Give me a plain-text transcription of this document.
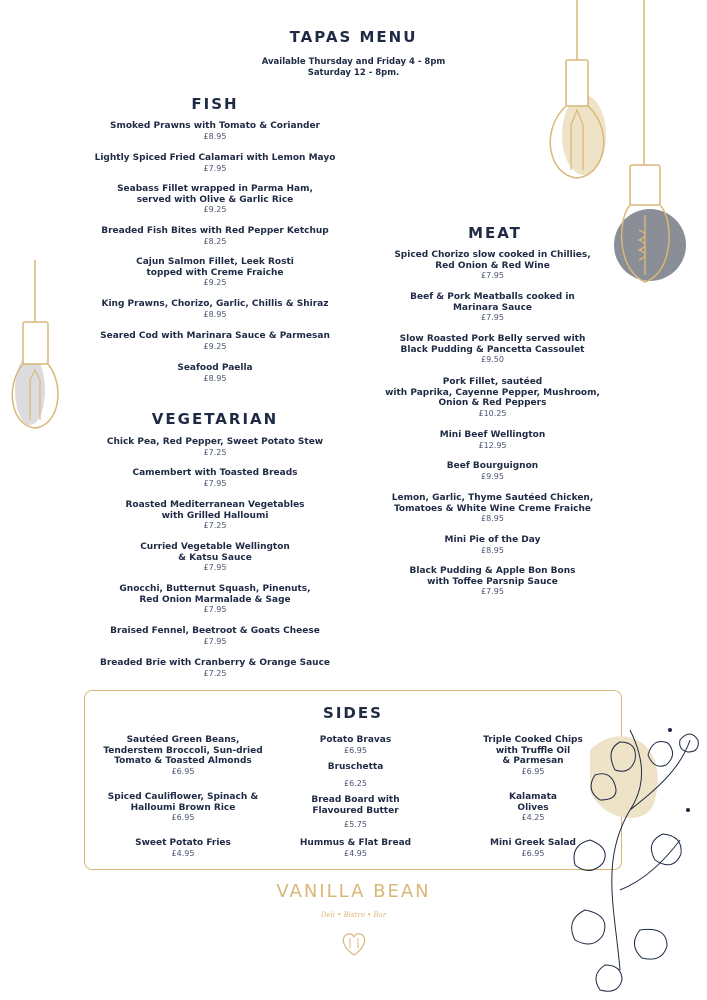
TAPAS MENU
Available Thursday and Friday 4 - 8pm
Saturday 12 - 8pm.
FISH
VEGETARIAN
MEAT
Smoked Prawns with Tomato & Coriander
£8.95
Lightly Spiced Fried Calamari with Lemon Mayo
£7.95
Seabass Fillet wrapped in Parma Ham,
served with Olive & Garlic Rice
£9.25
Breaded Fish Bites with Red Pepper Ketchup
£8.25
Cajun Salmon Fillet, Leek Rosti
topped with Creme Fraiche
£9.25
King Prawns, Chorizo, Garlic, Chillis & Shiraz
£8.95
Seared Cod with Marinara Sauce & Parmesan
£9.25
Seafood Paella
£8.95
Chick Pea, Red Pepper, Sweet Potato Stew
£7.25
Camembert with Toasted Breads
£7.95
Roasted Mediterranean Vegetables
with Grilled Halloumi
£7.25
Curried Vegetable Wellington
& Katsu Sauce
£7.95
Gnocchi, Butternut Squash, Pinenuts,
Red Onion Marmalade & Sage
£7.95
Braised Fennel, Beetroot & Goats Cheese
£7.95
Breaded Brie with Cranberry & Orange Sauce
£7.25
Spiced Chorizo slow cooked in Chillies,
Red Onion & Red Wine
£7.95
Beef & Pork Meatballs cooked in
Marinara Sauce
£7.95
Slow Roasted Pork Belly served with
Black Pudding & Pancetta Cassoulet
£9.50
Pork Fillet, sautéed
with Paprika, Cayenne Pepper, Mushroom,
Onion & Red Peppers
£10.25
Mini Beef Wellington
£12.95
Beef Bourguignon
£9.95
Lemon, Garlic, Thyme Sautéed Chicken,
Tomatoes & White Wine Creme Fraiche
£8.95
Mini Pie of the Day
£8.95
Black Pudding & Apple Bon Bons
with Toffee Parsnip Sauce
£7.95
SIDES
Sautéed Green Beans,
Tenderstem Broccoli, Sun-dried
Tomato & Toasted Almonds
£6.95
Spiced Cauliflower, Spinach &
Halloumi Brown Rice
£6.95
Sweet Potato Fries
£4.95
Potato Bravas
£6.95
Bruschetta
£6.25
Bread Board with
Flavoured Butter
£5.75
Hummus & Flat Bread
£4.95
Triple Cooked Chips
with Truffle Oil
& Parmesan
£6.95
Kalamata
Olives
£4.25
Mini Greek Salad
£6.95
VANILLA BEAN
Deli • Bistro • Bar
